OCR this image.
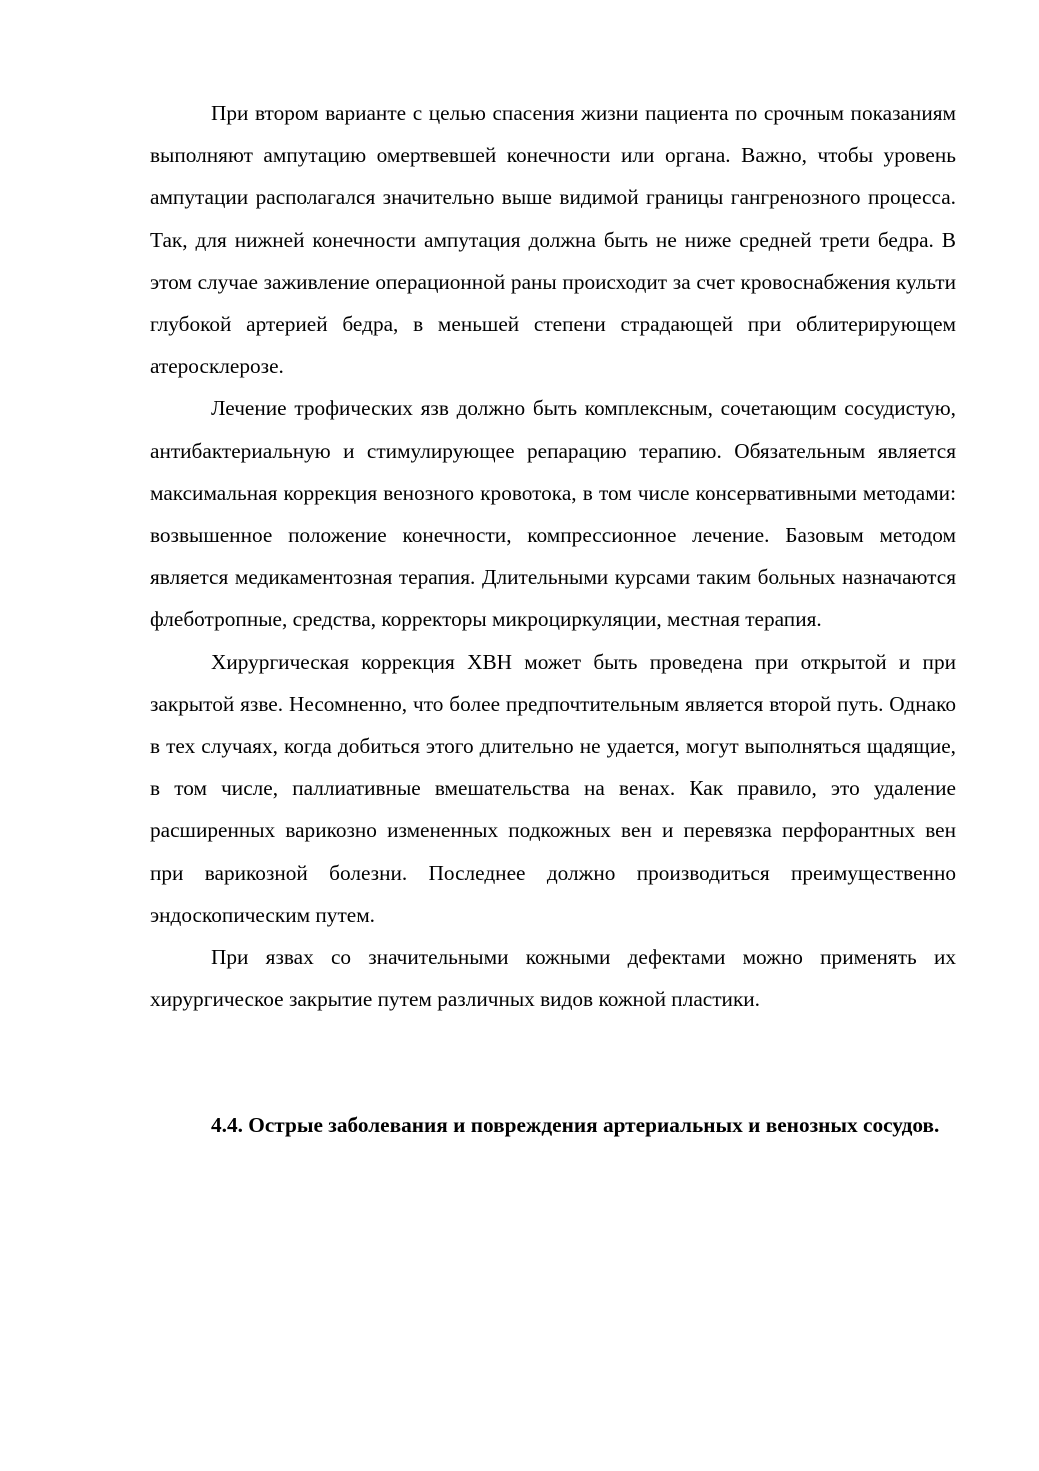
При втором варианте с целью спасения жизни пациента по срочным показаниям выполняют ампутацию омертвевшей конечности или органа. Важно, чтобы уровень ампутации располагался значительно выше видимой границы гангренозного процесса. Так, для нижней конечности ампутация должна быть не ниже средней трети бедра. В этом случае заживление операционной раны происходит за счет кровоснабжения культи глубокой артерией бедра, в меньшей степени страдающей при облитерирующем атеросклерозе.

Лечение трофических язв должно быть комплексным, сочетающим сосудистую, антибактериальную и стимулирующее репарацию терапию. Обязательным является максимальная коррекция венозного кровотока, в том числе консервативными методами: возвышенное положение конечности, компрессионное лечение. Базовым методом является медикаментозная терапия. Длительными курсами таким больных назначаются флеботропные, средства, корректоры микроциркуляции, местная терапия.

Хирургическая коррекция ХВН может быть проведена при открытой и при закрытой язве. Несомненно, что более предпочтительным является второй путь. Однако в тех случаях, когда добиться этого длительно не удается, могут выполняться щадящие, в том числе, паллиативные вмешательства на венах. Как правило, это удаление расширенных варикозно измененных подкожных вен и перевязка перфорантных вен при варикозной болезни. Последнее должно производиться преимущественно эндоскопическим путем.

При язвах со значительными кожными дефектами можно применять их хирургическое закрытие путем различных видов кожной пластики.

4.4. Острые заболевания и повреждения артериальных и венозных сосудов.
